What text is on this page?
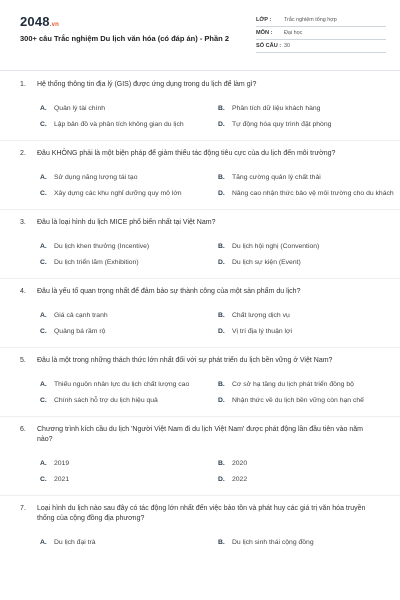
2048.vn
300+ câu Trắc nghiệm Du lịch văn hóa (có đáp án) - Phần 2
LỚP :	Trắc nghiệm tổng hợp
MÔN :	Đại học
SỐ CÂU : 30
1.	Hệ thống thông tin địa lý (GIS) được ứng dụng trong du lịch để làm gì?
A.	Quản lý tài chính	B.	Phân tích dữ liệu khách hàng
C.	Lập bản đồ và phân tích không gian du lịch	D.	Tự động hóa quy trình đặt phòng
2.	Đâu KHÔNG phải là một biện pháp để giảm thiểu tác động tiêu cực của du lịch đến môi trường?
A.	Sử dụng năng lượng tái tạo	B.	Tăng cường quản lý chất thải
C.	Xây dựng các khu nghỉ dưỡng quy mô lớn	D.	Nâng cao nhận thức bảo vệ môi trường cho du khách
3.	Đâu là loại hình du lịch MICE phổ biến nhất tại Việt Nam?
A.	Du lịch khen thưởng (Incentive)	B.	Du lịch hội nghị (Convention)
C.	Du lịch triển lãm (Exhibition)	D.	Du lịch sự kiện (Event)
4.	Đâu là yếu tố quan trọng nhất để đảm bảo sự thành công của một sản phẩm du lịch?
A.	Giá cả cạnh tranh	B.	Chất lượng dịch vụ
C.	Quảng bá rầm rộ	D.	Vị trí địa lý thuận lợi
5.	Đâu là một trong những thách thức lớn nhất đối với sự phát triển du lịch bền vững ở Việt Nam?
A.	Thiếu nguồn nhân lực du lịch chất lượng cao	B.	Cơ sở hạ tầng du lịch phát triển đồng bộ
C.	Chính sách hỗ trợ du lịch hiệu quả	D.	Nhận thức về du lịch bền vững còn hạn chế
6.	Chương trình kích cầu du lịch 'Người Việt Nam đi du lịch Việt Nam' được phát động lần đầu tiên vào năm nào?
A.	2019	B.	2020
C.	2021	D.	2022
7.	Loại hình du lịch nào sau đây có tác động lớn nhất đến việc bảo tồn và phát huy các giá trị văn hóa truyền thống của cộng đồng địa phương?
A.	Du lịch đại trà	B.	Du lịch sinh thái cộng đồng
